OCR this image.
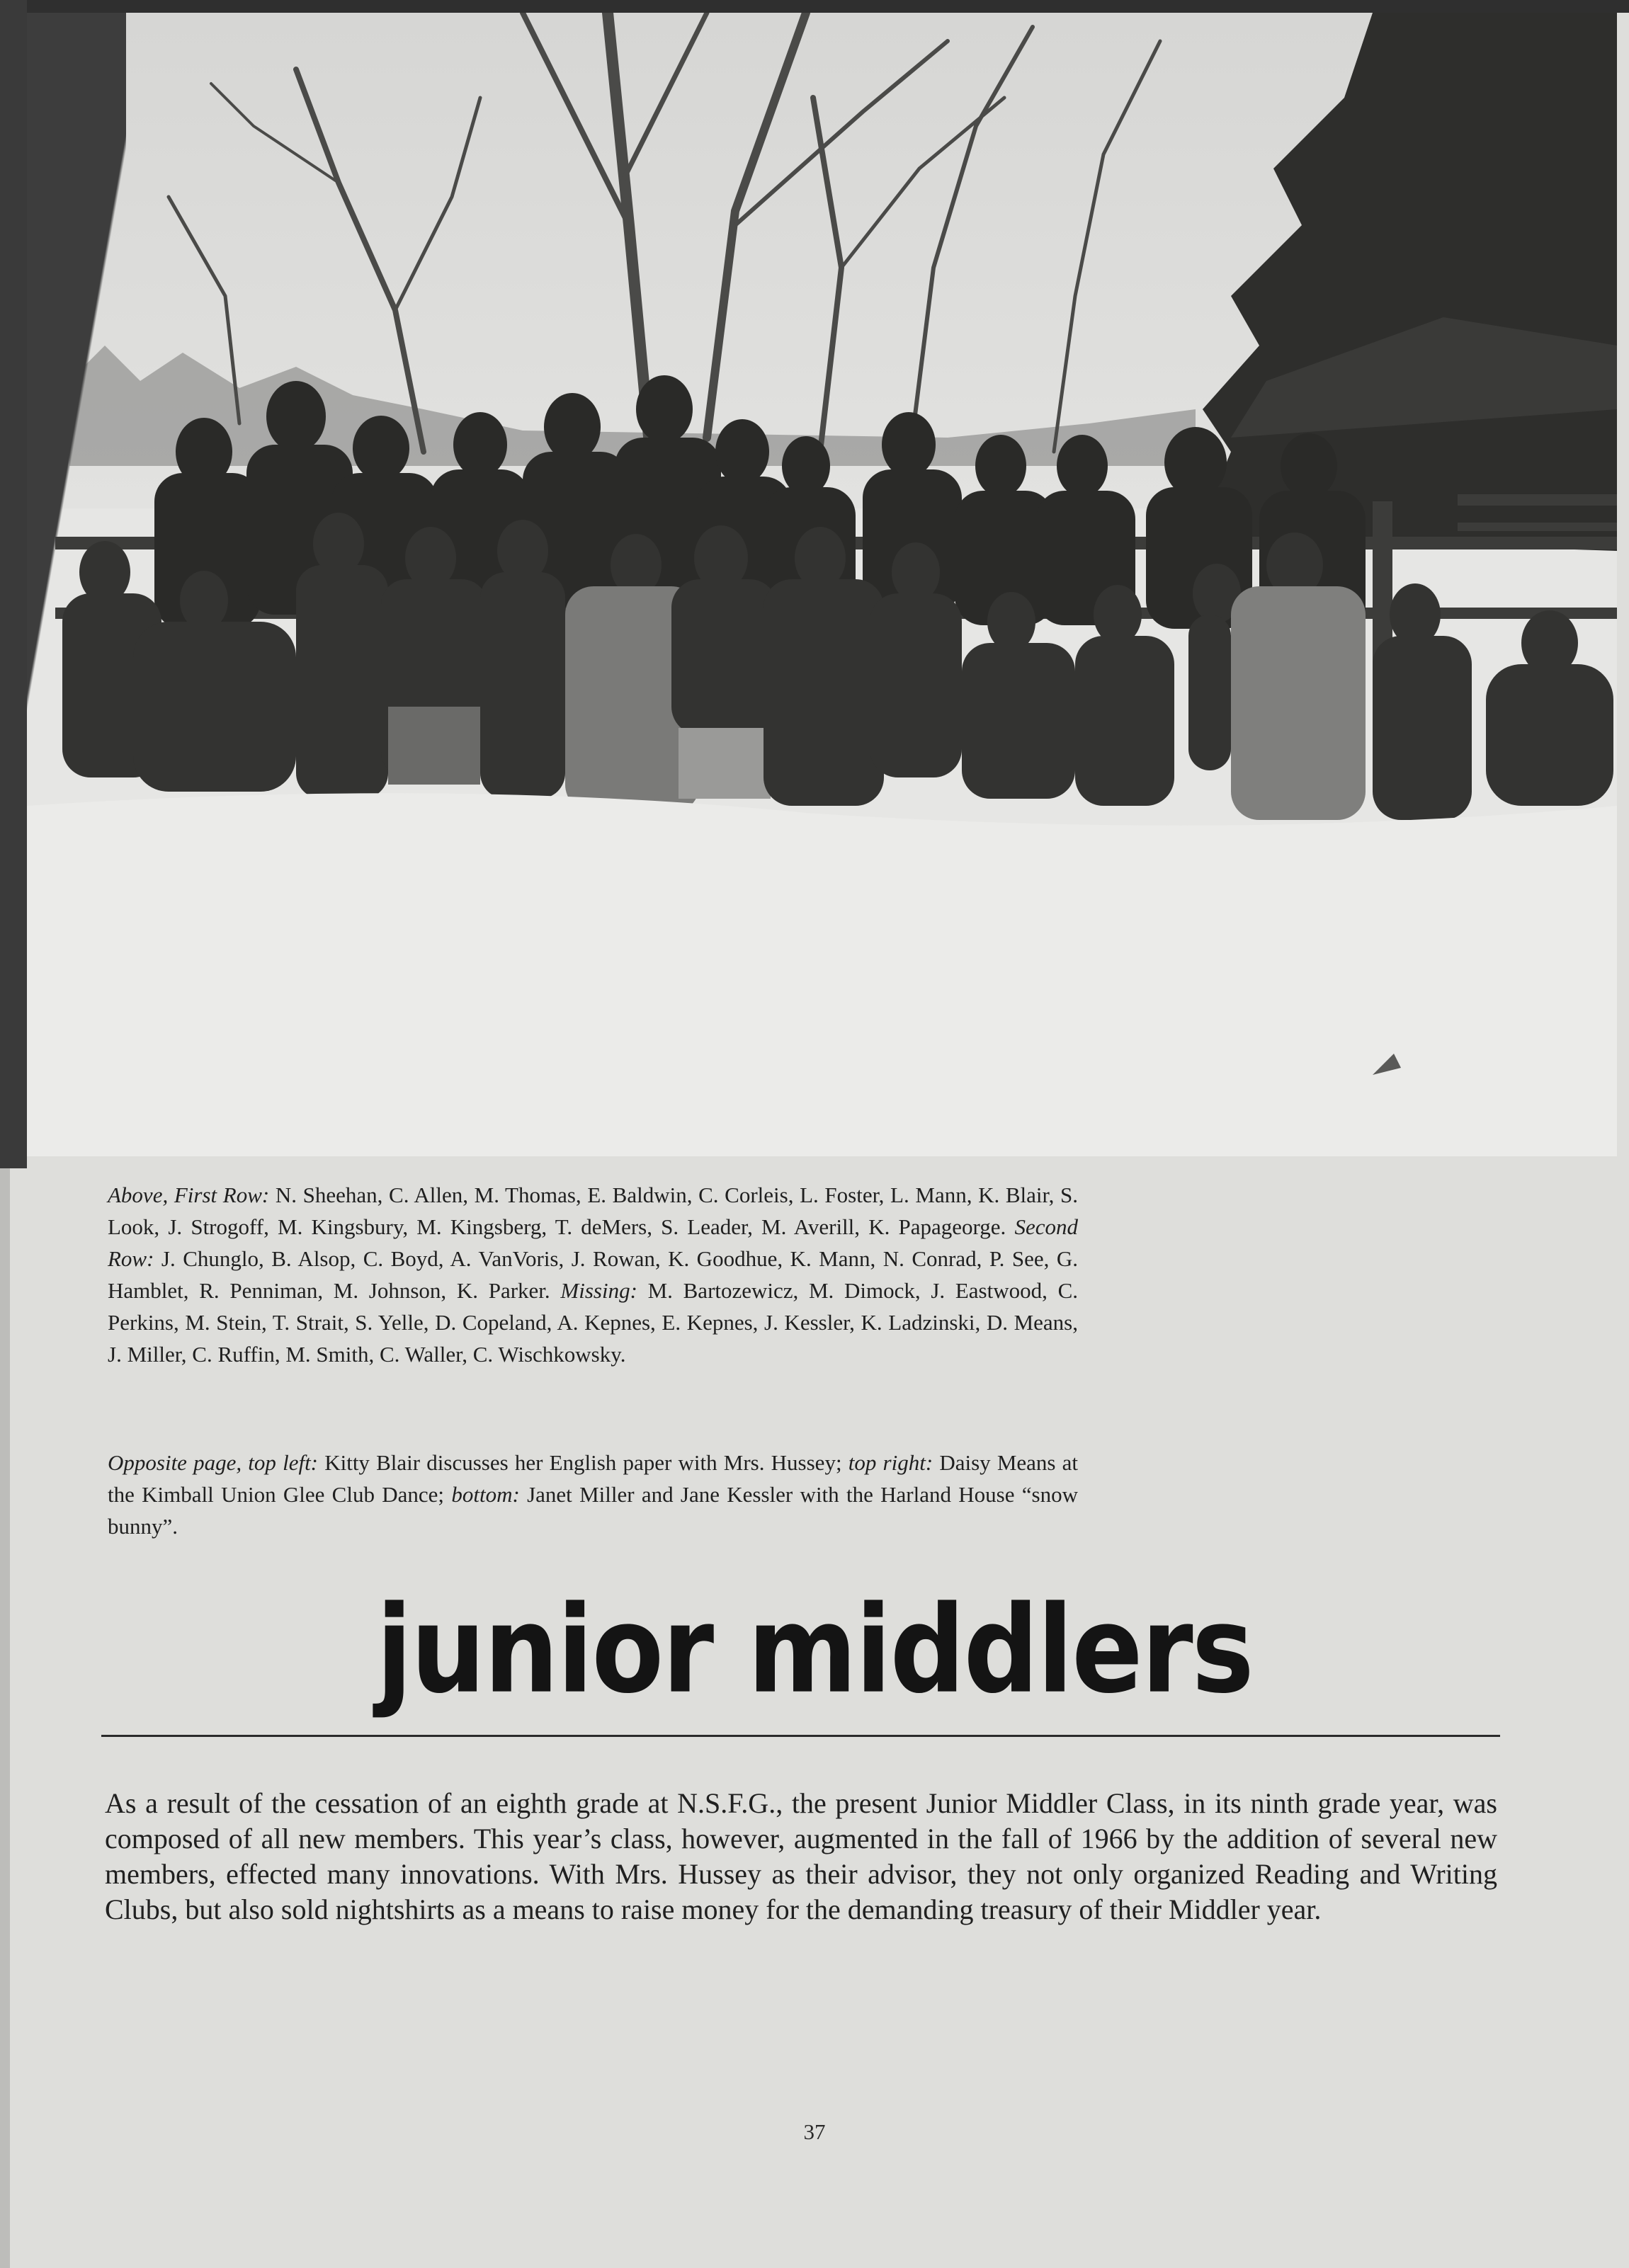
Above, First Row: N. Sheehan, C. Allen, M. Thomas, E. Baldwin, C. Corleis, L. Foster, L. Mann, K. Blair, S. Look, J. Strogoff, M. Kingsbury, M. Kingsberg, T. deMers, S. Leader, M. Averill, K. Papageorge. Second Row: J. Chunglo, B. Alsop, C. Boyd, A. VanVoris, J. Rowan, K. Goodhue, K. Mann, N. Conrad, P. See, G. Hamblet, R. Penniman, M. Johnson, K. Parker. Missing: M. Bartozewicz, M. Dimock, J. Eastwood, C. Perkins, M. Stein, T. Strait, S. Yelle, D. Copeland, A. Kepnes, E. Kepnes, J. Kessler, K. Ladzinski, D. Means, J. Miller, C. Ruffin, M. Smith, C. Waller, C. Wischkowsky.
Opposite page, top left: Kitty Blair discusses her English paper with Mrs. Hussey; top right: Daisy Means at the Kimball Union Glee Club Dance; bottom: Janet Miller and Jane Kessler with the Harland House “snow bunny”.
junior middlers
As a result of the cessation of an eighth grade at N.S.F.G., the present Junior Middler Class, in its ninth grade year, was composed of all new members. This year’s class, however, augmented in the fall of 1966 by the addition of several new members, effected many innovations. With Mrs. Hussey as their advisor, they not only organized Reading and Writing Clubs, but also sold nightshirts as a means to raise money for the demanding treasury of their Middler year.
37
